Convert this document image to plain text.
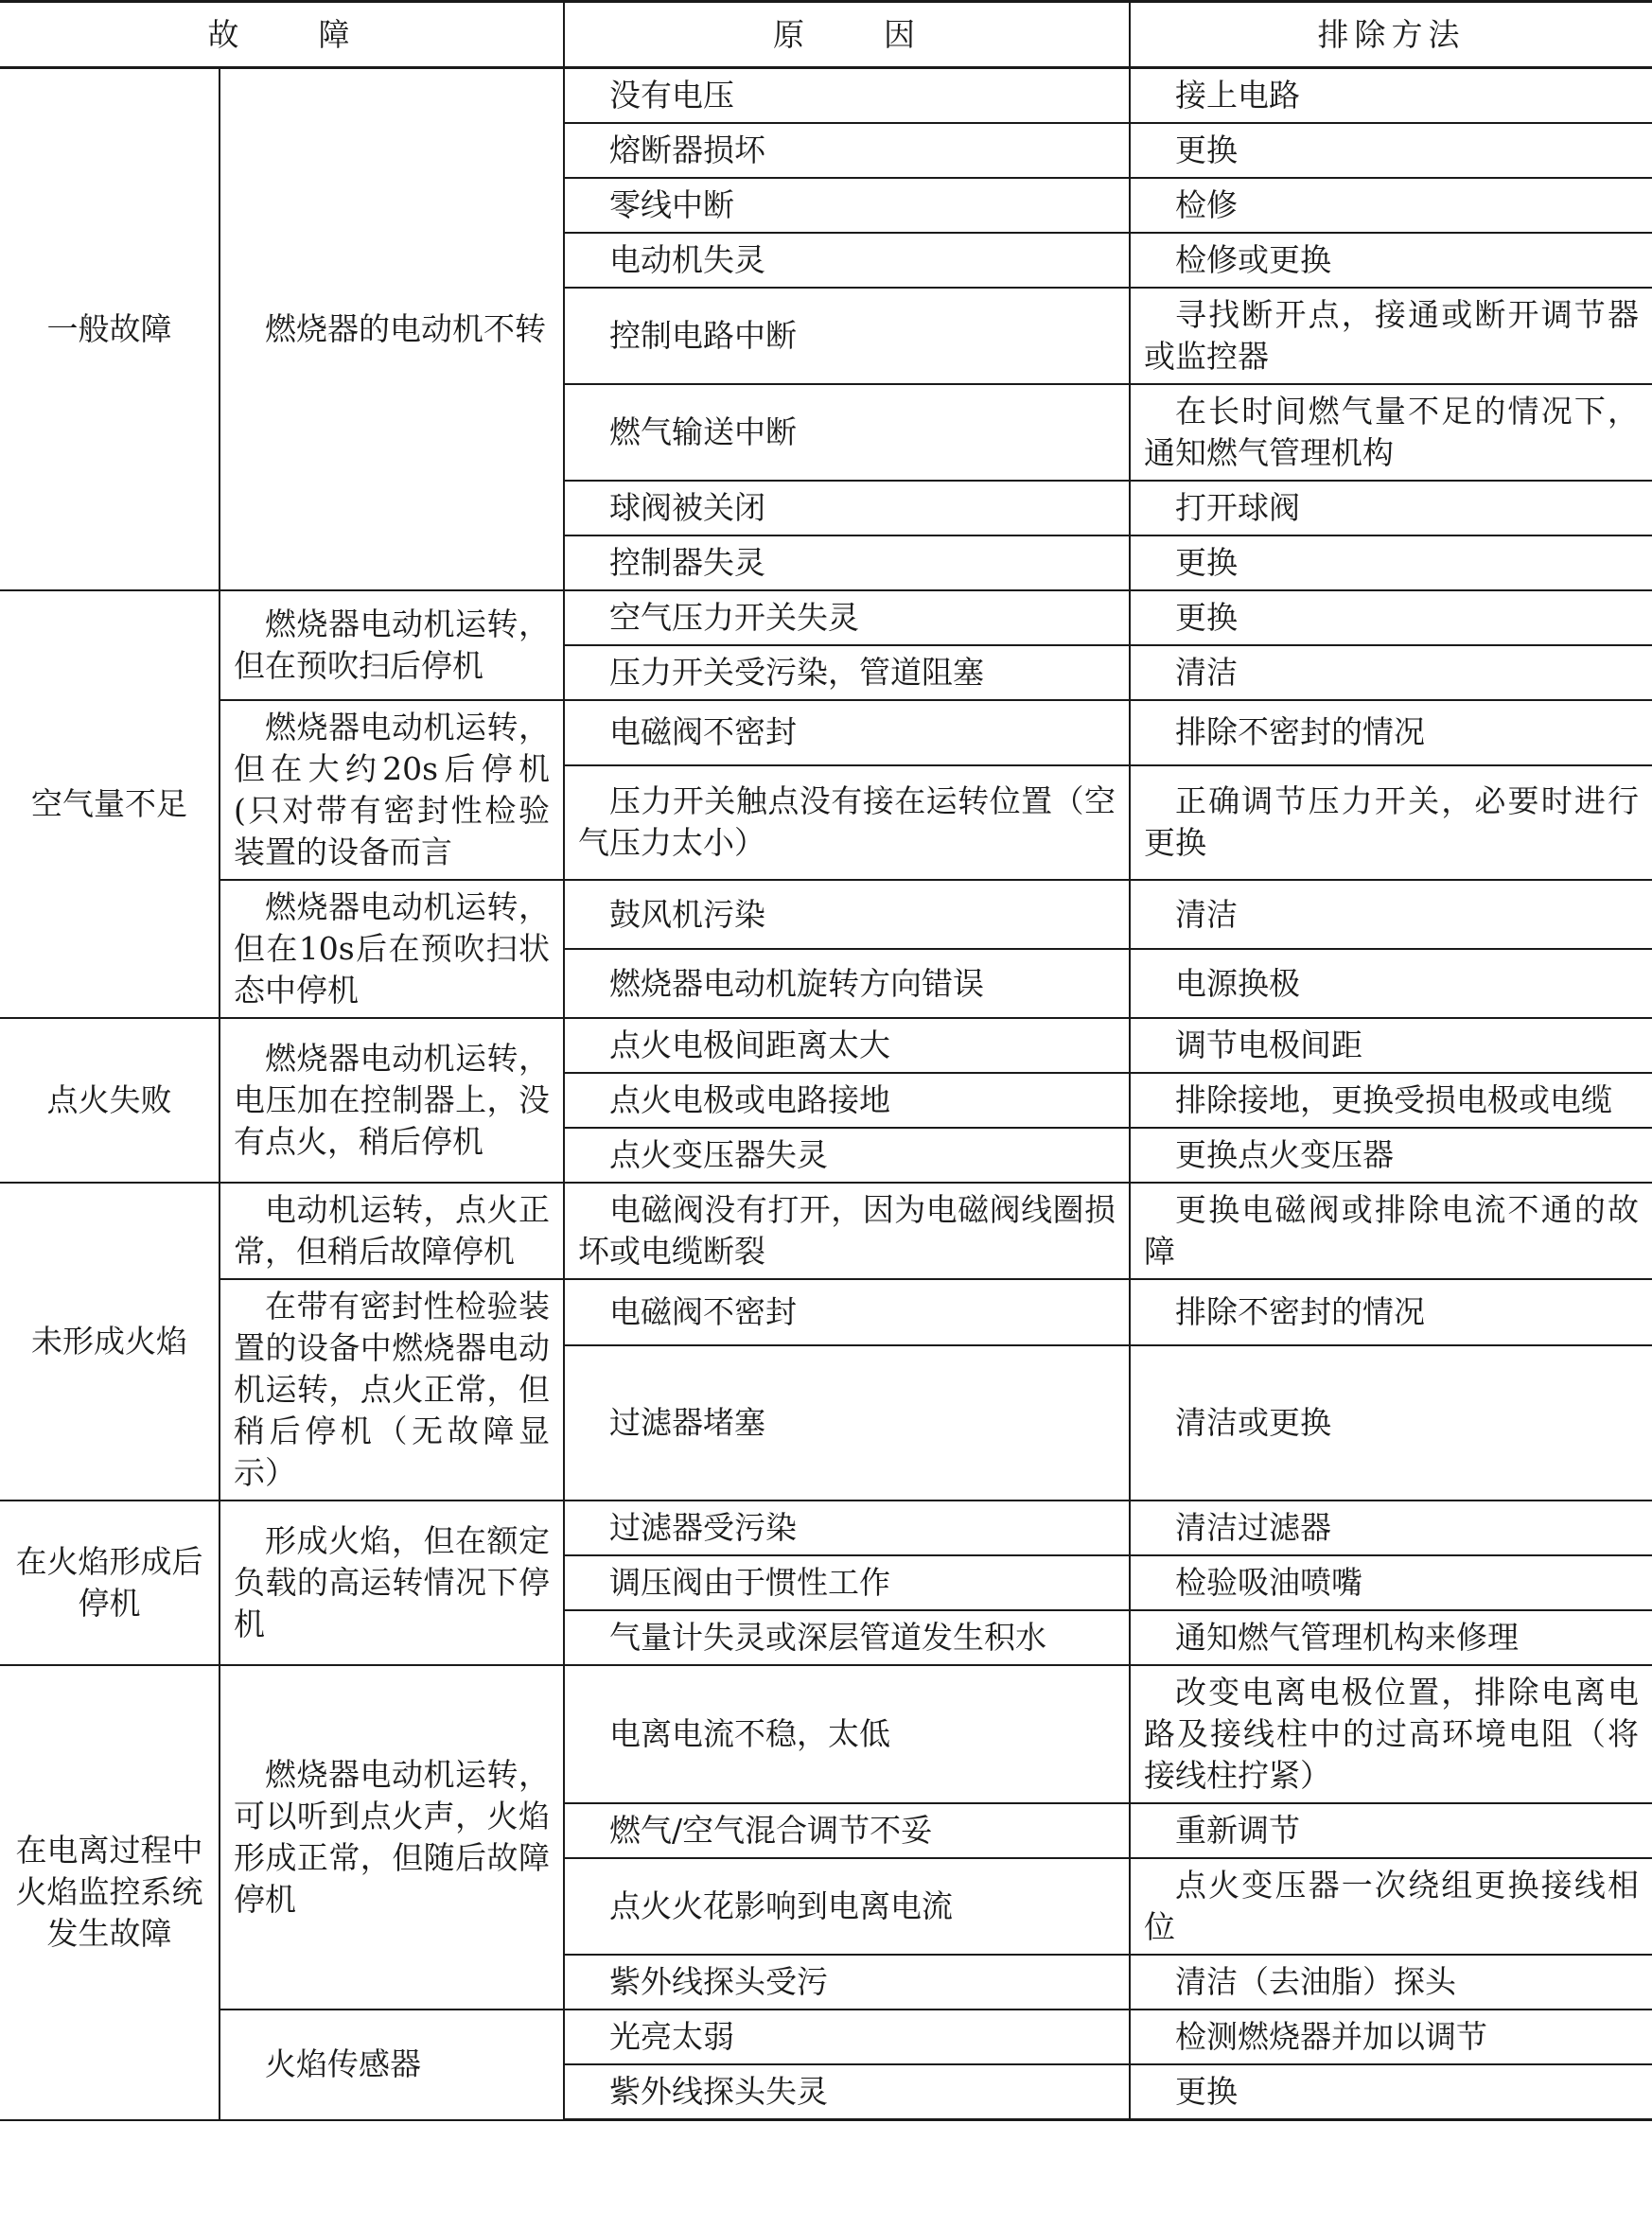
故　　障		原　　因	排除方法
一般故障	燃烧器的电动机不转	没有电压	接上电路
		熔断器损坏	更换
		零线中断	检修
		电动机失灵	检修或更换
		控制电路中断	寻找断开点，接通或断开调节器或监控器
		燃气输送中断	在长时间燃气量不足的情况下，通知燃气管理机构
		球阀被关闭	打开球阀
		控制器失灵	更换
空气量不足	燃烧器电动机运转，但在预吹扫后停机	空气压力开关失灵	更换
		压力开关受污染，管道阻塞	清洁
	燃烧器电动机运转，但在大约20s后停机(只对带有密封性检验装置的设备而言	电磁阀不密封	排除不密封的情况
		压力开关触点没有接在运转位置（空气压力太小）	正确调节压力开关，必要时进行更换
	燃烧器电动机运转，但在10s后在预吹扫状态中停机	鼓风机污染	清洁
		燃烧器电动机旋转方向错误	电源换极
点火失败	燃烧器电动机运转，电压加在控制器上，没有点火，稍后停机	点火电极间距离太大	调节电极间距
		点火电极或电路接地	排除接地，更换受损电极或电缆
		点火变压器失灵	更换点火变压器
未形成火焰	电动机运转，点火正常，但稍后故障停机	电磁阀没有打开，因为电磁阀线圈损坏或电缆断裂	更换电磁阀或排除电流不通的故障
	在带有密封性检验装置的设备中燃烧器电动机运转，点火正常，但稍后停机（无故障显示）	电磁阀不密封	排除不密封的情况
		过滤器堵塞	清洁或更换
在火焰形成后停机	形成火焰，但在额定负载的高运转情况下停机	过滤器受污染	清洁过滤器
		调压阀由于惯性工作	检验吸油喷嘴
		气量计失灵或深层管道发生积水	通知燃气管理机构来修理
在电离过程中火焰监控系统发生故障	燃烧器电动机运转，可以听到点火声，火焰形成正常，但随后故障停机	电离电流不稳，太低	改变电离电极位置，排除电离电路及接线柱中的过高环境电阻（将接线柱拧紧）
		燃气/空气混合调节不妥	重新调节
		点火火花影响到电离电流	点火变压器一次绕组更换接线相位
		紫外线探头受污	清洁（去油脂）探头
	火焰传感器	光亮太弱	检测燃烧器并加以调节
		紫外线探头失灵	更换
